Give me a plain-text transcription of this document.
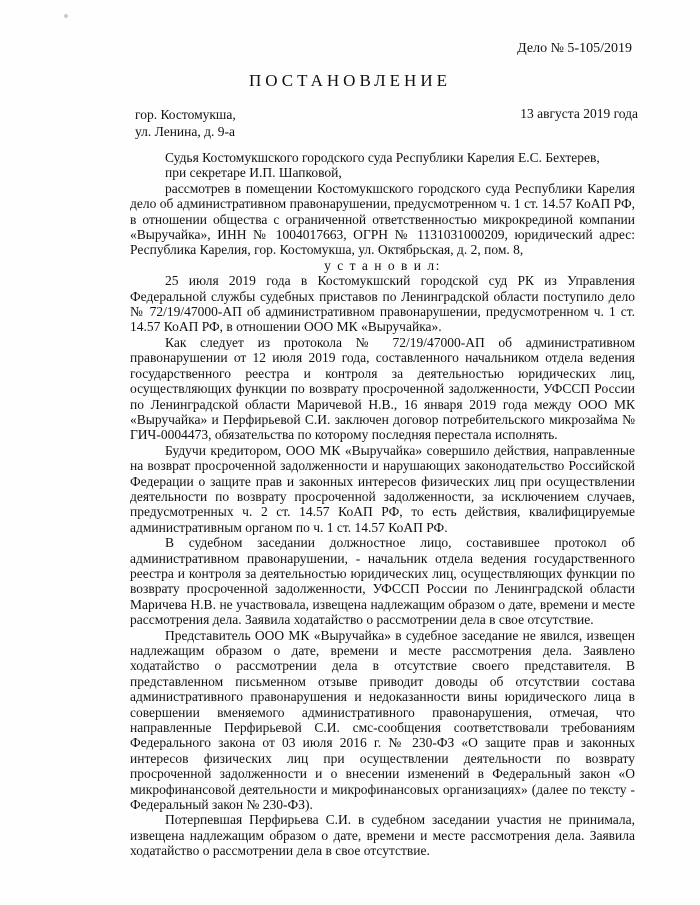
Дело № 5-105/2019
ПОСТАНОВЛЕНИЕ
гор. Костомукша,
ул. Ленина, д. 9-а
13 августа 2019 года

Судья Костомукшского городского суда Республики Карелия Е.С. Бехтерев,

при секретаре И.П. Шапковой,

рассмотрев в помещении Костомукшского городского суда Республики Карелия дело об административном правонарушении, предусмотренном ч. 1 ст. 14.57 КоАП РФ, в отношении общества с ограниченной ответственностью микрокрединой компании «Выручайка», ИНН № 1004017663, ОГРН № 1131031000209, юридический адрес: Республика Карелия, гор. Костомукша, ул. Октябрьская, д. 2, пом. 8,

у с т а н о в и л:

25 июля 2019 года в Костомукшский городской суд РК из Управления Федеральной службы судебных приставов по Ленинградской области поступило дело № 72/19/47000-АП об административном правонарушении, предусмотренном ч. 1 ст. 14.57 КоАП РФ, в отношении ООО МК «Выручайка».

Как следует из протокола № 72/19/47000-АП об административном правонарушении от 12 июля 2019 года, составленного начальником отдела ведения государственного реестра и контроля за деятельностью юридических лиц, осуществляющих функции по возврату просроченной задолженности, УФССП России по Ленинградской области Маричевой Н.В., 16 января 2019 года между ООО МК «Выручайка» и Перфирьевой С.И. заключен договор потребительского микрозайма № ГИЧ-0004473, обязательства по которому последняя перестала исполнять.

Будучи кредитором, ООО МК «Выручайка» совершило действия, направленные на возврат просроченной задолженности и нарушающих законодательство Российской Федерации о защите прав и законных интересов физических лиц при осуществлении деятельности по возврату просроченной задолженности, за исключением случаев, предусмотренных ч. 2 ст. 14.57 КоАП РФ, то есть действия, квалифицируемые административным органом по ч. 1 ст. 14.57 КоАП РФ.

В судебном заседании должностное лицо, составившее протокол об административном правонарушении, - начальник отдела ведения государственного реестра и контроля за деятельностью юридических лиц, осуществляющих функции по возврату просроченной задолженности, УФССП России по Ленинградской области Маричева Н.В. не участвовала, извещена надлежащим образом о дате, времени и месте рассмотрения дела. Заявила ходатайство о рассмотрении дела в свое отсутствие.

Представитель ООО МК «Выручайка» в судебное заседание не явился, извещен надлежащим образом о дате, времени и месте рассмотрения дела. Заявлено ходатайство о рассмотрении дела в отсутствие своего представителя. В представленном письменном отзыве приводит доводы об отсутствии состава административного правонарушения и недоказанности вины юридического лица в совершении вменяемого административного правонарушения, отмечая, что направленные Перфирьевой С.И. смс-сообщения соответствовали требованиям Федерального закона от 03 июля 2016 г. № 230-ФЗ «О защите прав и законных интересов физических лиц при осуществлении деятельности по возврату просроченной задолженности и о внесении изменений в Федеральный закон «О микрофинансовой деятельности и микрофинансовых организациях» (далее по тексту - Федеральный закон № 230-ФЗ).

Потерпевшая Перфирьева С.И. в судебном заседании участия не принимала, извещена надлежащим образом о дате, времени и месте рассмотрения дела. Заявила ходатайство о рассмотрении дела в свое отсутствие.
